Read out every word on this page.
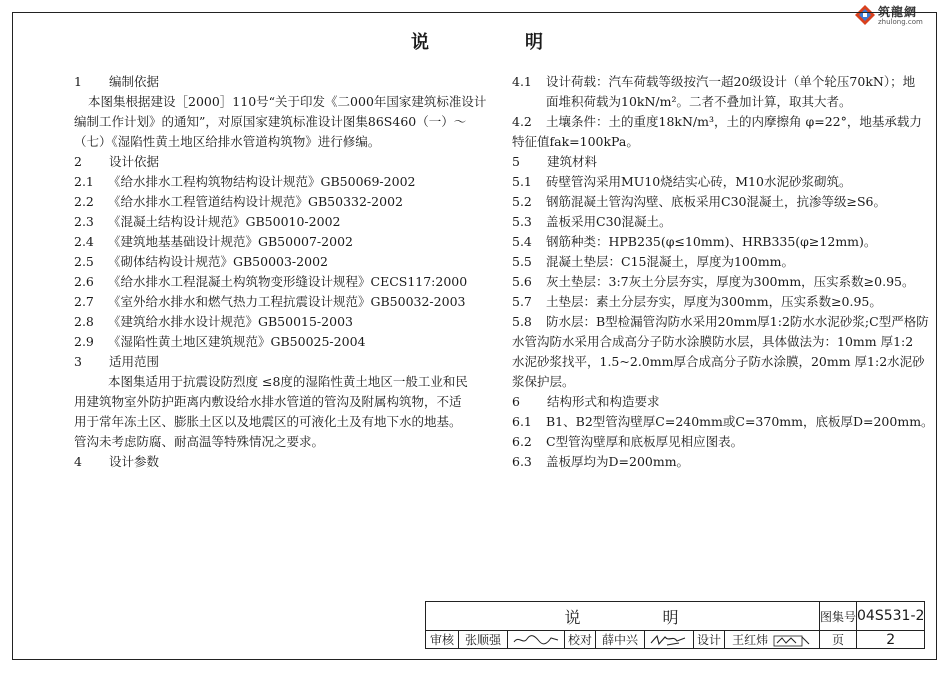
筑龍網
zhulong.com
说	明
1 编制依据
本图集根据建设［2000］110号“关于印发《二000年国家建筑标准设计
编制工作计划》的通知”，对原国家建筑标准设计图集86S460（一）～
（七）《湿陷性黄土地区给排水管道构筑物》进行修编。
2 设计依据
2.1 《给水排水工程构筑物结构设计规范》GB50069-2002
2.2 《给水排水工程管道结构设计规范》GB50332-2002
2.3 《混凝土结构设计规范》GB50010-2002
2.4 《建筑地基基础设计规范》GB50007-2002
2.5 《砌体结构设计规范》GB50003-2002
2.6 《给水排水工程混凝土构筑物变形缝设计规程》CECS117:2000
2.7 《室外给水排水和燃气热力工程抗震设计规范》GB50032-2003
2.8 《建筑给水排水设计规范》GB50015-2003
2.9 《湿陷性黄土地区建筑规范》GB50025-2004
3 适用范围
本图集适用于抗震设防烈度 ≤8度的湿陷性黄土地区一般工业和民
用建筑物室外防护距离内敷设给水排水管道的管沟及附属构筑物，不适
用于常年冻土区、膨胀土区以及地震区的可液化土及有地下水的地基。
管沟未考虑防腐、耐高温等特殊情况之要求。
4 设计参数
4.1 设计荷载：汽车荷载等级按汽一超20级设计（单个轮压70kN）；地
面堆积荷载为10kN/m²。二者不叠加计算，取其大者。
4.2 土壤条件：土的重度18kN/m³，土的内摩擦角 φ=22°，地基承载力
特征值fak=100kPa。
5 建筑材料
5.1 砖壁管沟采用MU10烧结实心砖，M10水泥砂浆砌筑。
5.2 钢筋混凝土管沟沟壁、底板采用C30混凝土，抗渗等级≥S6。
5.3 盖板采用C30混凝土。
5.4 钢筋种类：HPB235(φ≤10mm)、HRB335(φ≥12mm)。
5.5 混凝土垫层：C15混凝土，厚度为100mm。
5.6 灰土垫层：3:7灰土分层夯实，厚度为300mm，压实系数≥0.95。
5.7 土垫层：素土分层夯实，厚度为300mm，压实系数≥0.95。
5.8 防水层：B型检漏管沟防水采用20mm厚1:2防水水泥砂浆;C型严格防
水管沟防水采用合成高分子防水涂膜防水层，具体做法为：10mm 厚1:2
水泥砂浆找平，1.5~2.0mm厚合成高分子防水涂膜，20mm 厚1:2水泥砂
浆保护层。
6 结构形式和构造要求
6.1 B1、B2型管沟壁厚C=240mm或C=370mm，底板厚D=200mm。
6.2 C型管沟壁厚和底板厚见相应图表。
6.3 盖板厚均为D=200mm。
说 明								图集号	04S531-2
审核	张顺强		校对	薛中兴		设计	王红炜	页	2
